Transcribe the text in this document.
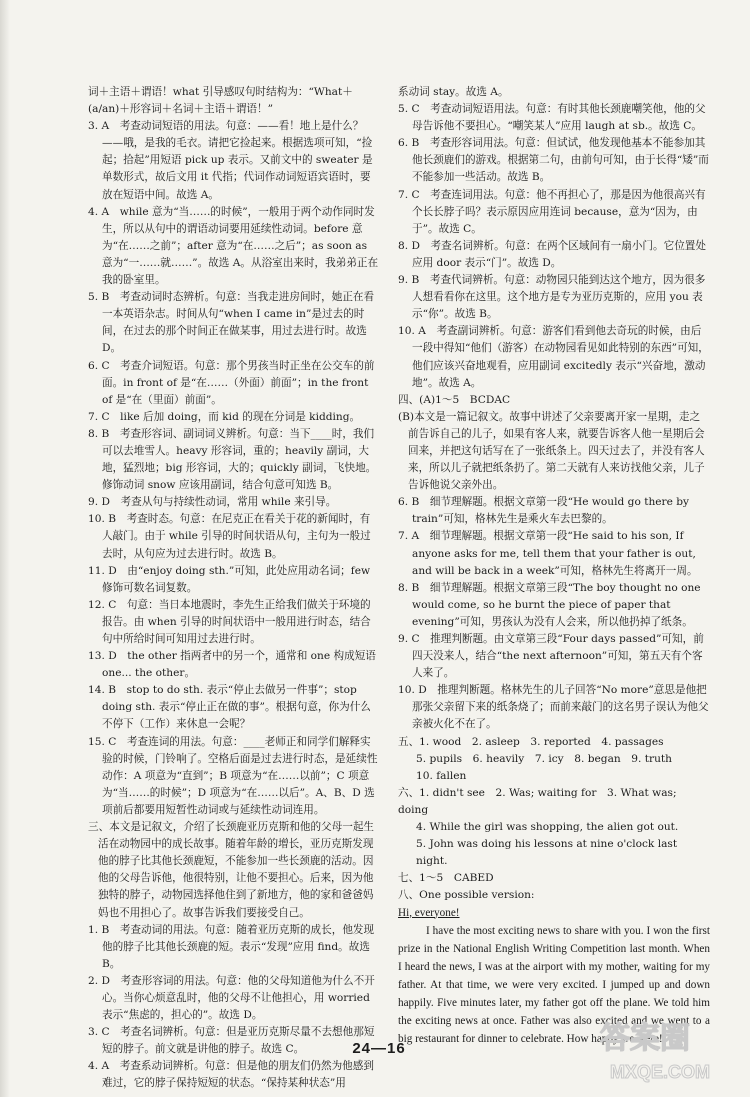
词＋主语＋谓语！what 引导感叹句时结构为：“What＋(a/an)＋形容词＋名词＋主语＋谓语！”

3. A　考查动词短语的用法。句意：——看！地上是什么？——哦，是我的毛衣。请把它捡起来。根据选项可知，“捡起；拾起”用短语 pick up 表示。又前文中的 sweater 是单数形式，故后文用 it 代指；代词作动词短语宾语时，要放在短语中间。故选 A。

4. A　while 意为“当……的时候”，一般用于两个动作同时发生，所以从句中的谓语动词要用延续性动词。before 意为“在……之前”；after 意为“在……之后”；as soon as 意为“一……就……”。故选 A。从浴室出来时，我弟弟正在我的卧室里。

5. B　考查动词时态辨析。句意：当我走进房间时，她正在看一本英语杂志。时间从句“when I came in”是过去的时间，在过去的那个时间正在做某事，用过去进行时。故选 D。

6. C　考查介词短语。句意：那个男孩当时正坐在公交车的前面。in front of 是“在……（外面）前面”；in the front of 是“在（里面）前面”。

7. C　like 后加 doing，而 kid 的现在分词是 kidding。

8. B　考查形容词、副词词义辨析。句意：当下____时，我们可以去堆雪人。heavy 形容词，重的；heavily 副词，大地，猛烈地；big 形容词，大的；quickly 副词，飞快地。修饰动词 snow 应该用副词，结合句意可知选 B。

9. D　考查从句与持续性动词，常用 while 来引导。

10. B　考查时态。句意：在尼克正在看关于花的新闻时，有人敲门。由于 while 引导的时间状语从句，主句为一般过去时，从句应为过去进行时。故选 B。

11. D　由“enjoy doing sth.”可知，此处应用动名词；few 修饰可数名词复数。

12. C　句意：当日本地震时，李先生正给我们做关于环境的报告。由 when 引导的时间状语中一般用进行时态，结合句中所给时间可知用过去进行时。

13. D　the other 指两者中的另一个，通常和 one 构成短语 one... the other。

14. B　stop to do sth. 表示“停止去做另一件事”；stop doing sth. 表示“停止正在做的事”。根据句意，你为什么不停下（工作）来休息一会呢？

15. C　考查连词的用法。句意：____老师正和同学们解释实验的时候，门铃响了。空格后面是过去进行时态，是延续性动作：A 项意为“直到”；B 项意为“在……以前”；C 项意为“当……的时候”；D 项意为“在……以后”。A、B、D 选项前后都要用短暂性动词或与延续性动词连用。

三、本文是记叙文，介绍了长颈鹿亚历克斯和他的父母一起生活在动物园中的成长故事。随着年龄的增长，亚历克斯发现他的脖子比其他长颈鹿短，不能参加一些长颈鹿的活动。因他的父母告诉他，他很特别，让他不要担心。后来，因为他独特的脖子，动物园选择他住到了新地方，他的家和爸爸妈妈也不用担心了。故事告诉我们要接受自己。

1. B　考查动词的用法。句意：随着亚历克斯的成长，他发现他的脖子比其他长颈鹿的短。表示“发现”应用 find。故选 B。

2. D　考查形容词的用法。句意：他的父母知道他为什么不开心。当你心烦意乱时，他的父母不让他担心，用 worried 表示“焦虑的，担心的”。故选 D。

3. C　考查名词辨析。句意：但是亚历克斯尽量不去想他那短短的脖子。前文就是讲他的脖子。故选 C。

4. A　考查系动词辨析。句意：但是他的朋友们仍然为他感到难过，它的脖子保持短短的状态。“保持某种状态”用

系动词 stay。故选 A。

5. C　考查动词短语用法。句意：有时其他长颈鹿嘲笑他，他的父母告诉他不要担心。“嘲笑某人”应用 laugh at sb.。故选 C。

6. B　考查形容词用法。句意：但试试，他发现他基本不能参加其他长颈鹿们的游戏。根据第二句，由前句可知，由于长得“矮”而不能参加一些活动。故选 B。

7. C　考查连词用法。句意：他不再担心了，那是因为他很高兴有个长长脖子吗？表示原因应用连词 because，意为“因为，由于”。故选 C。

8. D　考查名词辨析。句意：在两个区域间有一扇小门。它位置处应用 door 表示“门”。故选 D。

9. B　考查代词辨析。句意：动物园只能到达这个地方，因为很多人想看看你在这里。这个地方是专为亚历克斯的，应用 you 表示“你”。故选 B。

10. A　考查副词辨析。句意：游客们看到他去奇玩的时候，由后一段中得知“他们（游客）在动物园看见如此特别的东西”可知，他们应该兴奋地观看，应用副词 excitedly 表示“兴奋地，激动地”。故选 A。

四、(A)1～5　BCDAC

(B)本文是一篇记叙文。故事中讲述了父亲要离开家一星期，走之前告诉自己的儿子，如果有客人来，就要告诉客人他一星期后会回来，并把这句话写在了一张纸条上。四天过去了，并没有客人来，所以儿子就把纸条扔了。第二天就有人来访找他父亲，儿子告诉他说父亲外出。

6. B　细节理解题。根据文章第一段“He would go there by train”可知，格林先生是乘火车去巴黎的。

7. A　细节理解题。根据文章第一段“He said to his son, If anyone asks for me, tell them that your father is out, and will be back in a week”可知，格林先生将离开一周。

8. B　细节理解题。根据文章第三段“The boy thought no one would come, so he burnt the piece of paper that evening”可知，男孩认为没有人会来，所以他扔掉了纸条。

9. C　推理判断题。由文章第三段“Four days passed”可知，前四天没来人，结合“the next afternoon”可知，第五天有个客人来了。

10. D　推理判断题。格林先生的儿子回答“No more”意思是他把那张父亲留下来的纸条烧了；而前来敲门的这名男子误认为他父亲被火化不在了。

五、1. wood　2. asleep　3. reported　4. passages

5. pupils　6. heavily　7. icy　8. began　9. truth

10. fallen

六、1. didn't see　2. Was; waiting for　3. What was; doing

4. While the girl was shopping, the alien got out.

5. John was doing his lessons at nine o'clock last night.

七、1～5　CABED

八、One possible version:

Hi, everyone!

I have the most exciting news to share with you. I won the first prize in the National English Writing Competition last month. When I heard the news, I was at the airport with my mother, waiting for my father. At that time, we were very excited. I jumped up and down happily. Five minutes later, my father got off the plane. We told him the exciting news at once. Father was also excited and we went to a big restaurant for dinner to celebrate. How happy we were!

24—16	答案圈
MXQE.COM
